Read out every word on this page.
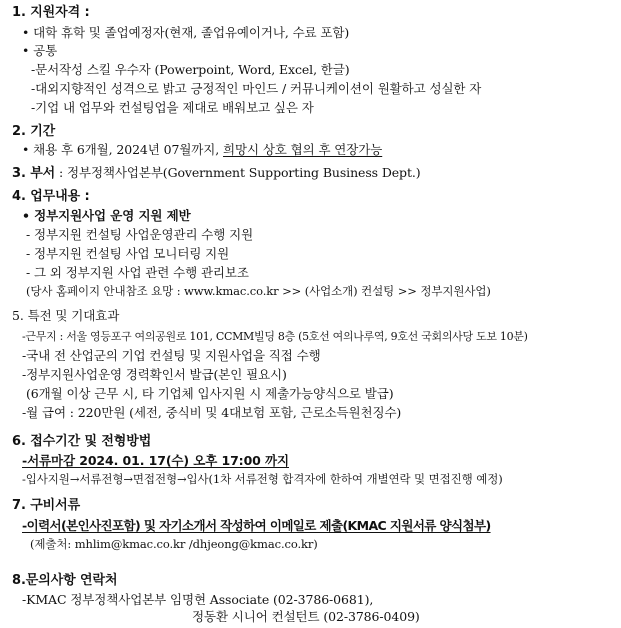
1. 지원자격 :
• 대학 휴학 및 졸업예정자(현재, 졸업유예이거나, 수료 포함)
• 공통
-문서작성 스킬 우수자 (Powerpoint, Word, Excel, 한글)
-대외지향적인 성격으로 밝고 긍정적인 마인드 / 커뮤니케이션이 원활하고 성실한 자
-기업 내 업무와 컨설팅업을 제대로 배워보고 싶은 자
2. 기간
• 채용 후 6개월, 2024년 07월까지, 희망시 상호 협의 후 연장가능
3. 부서 : 정부정책사업본부(Government Supporting Business Dept.)
4. 업무내용 :
• 정부지원사업 운영 지원 제반
- 정부지원 컨설팅 사업운영관리 수행 지원
- 정부지원 컨설팅 사업 모니터링 지원
- 그 외 정부지원 사업 관련 수행 관리보조
(당사 홈페이지 안내참조 요망 : www.kmac.co.kr >> (사업소개) 컨설팅 >> 정부지원사업)
5. 특전 및 기대효과
-근무지 : 서울 영등포구 여의공원로 101, CCMM빌딩 8층 (5호선 여의나루역, 9호선 국회의사당 도보 10분)
-국내 전 산업군의 기업 컨설팅 및 지원사업을 직접 수행
-정부지원사업운영 경력확인서 발급(본인 필요시)
(6개월 이상 근무 시, 타 기업체 입사지원 시 제출가능양식으로 발급)
-월 급여 : 220만원 (세전, 중식비 및 4대보험 포함, 근로소득원천징수)
6. 접수기간 및 전형방법
-서류마감 2024. 01. 17(수) 오후 17:00 까지
-입사지원→서류전형→면접전형→입사(1차 서류전형 합격자에 한하여 개별연락 및 면접진행 예정)
7. 구비서류
-이력서(본인사진포함) 및 자기소개서 작성하여 이메일로 제출(KMAC 지원서류 양식첨부)
(제출처: mhlim@kmac.co.kr /dhjeong@kmac.co.kr)
8.문의사항 연락처
-KMAC 정부정책사업본부 임명현 Associate (02-3786-0681),
정동환 시니어 컨설턴트 (02-3786-0409)
